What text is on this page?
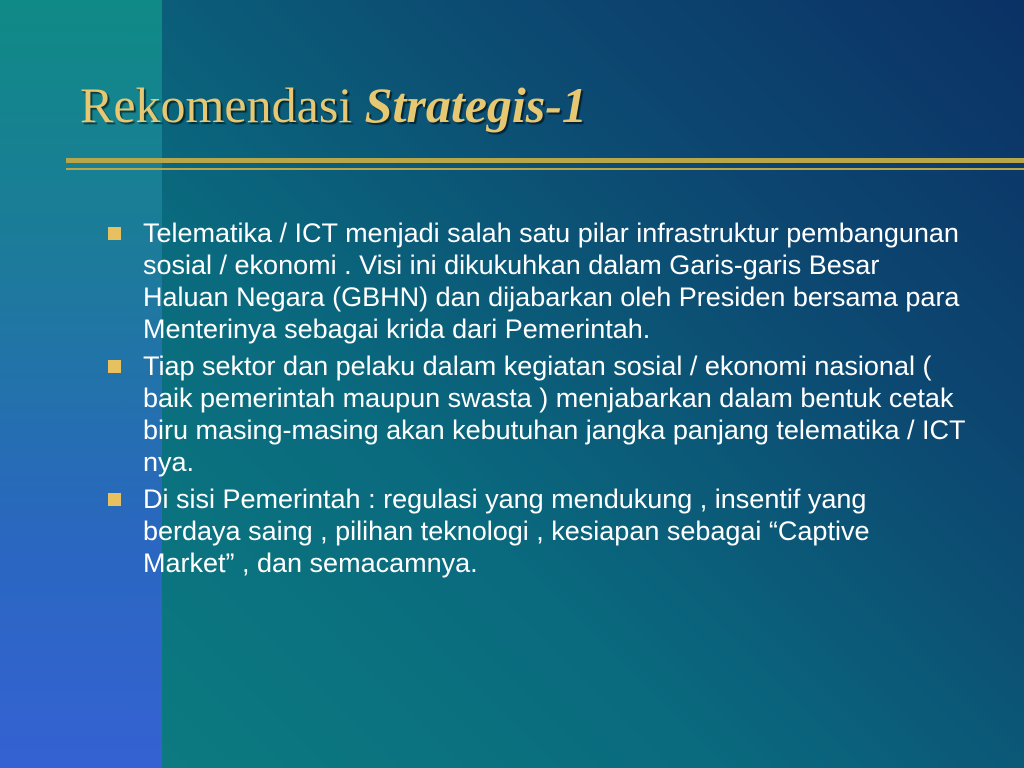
Rekomendasi Strategis-1
Telematika / ICT menjadi salah satu pilar infrastruktur pembangunan sosial / ekonomi . Visi ini dikukuhkan dalam Garis-garis Besar Haluan Negara (GBHN) dan dijabarkan oleh Presiden bersama para Menterinya sebagai krida dari Pemerintah.
Tiap sektor dan pelaku dalam kegiatan sosial / ekonomi nasional ( baik pemerintah maupun swasta ) menjabarkan dalam bentuk cetak biru masing-masing akan kebutuhan jangka panjang telematika / ICT nya.
Di sisi Pemerintah : regulasi yang mendukung , insentif yang berdaya saing , pilihan teknologi , kesiapan sebagai “Captive Market” , dan semacamnya.
